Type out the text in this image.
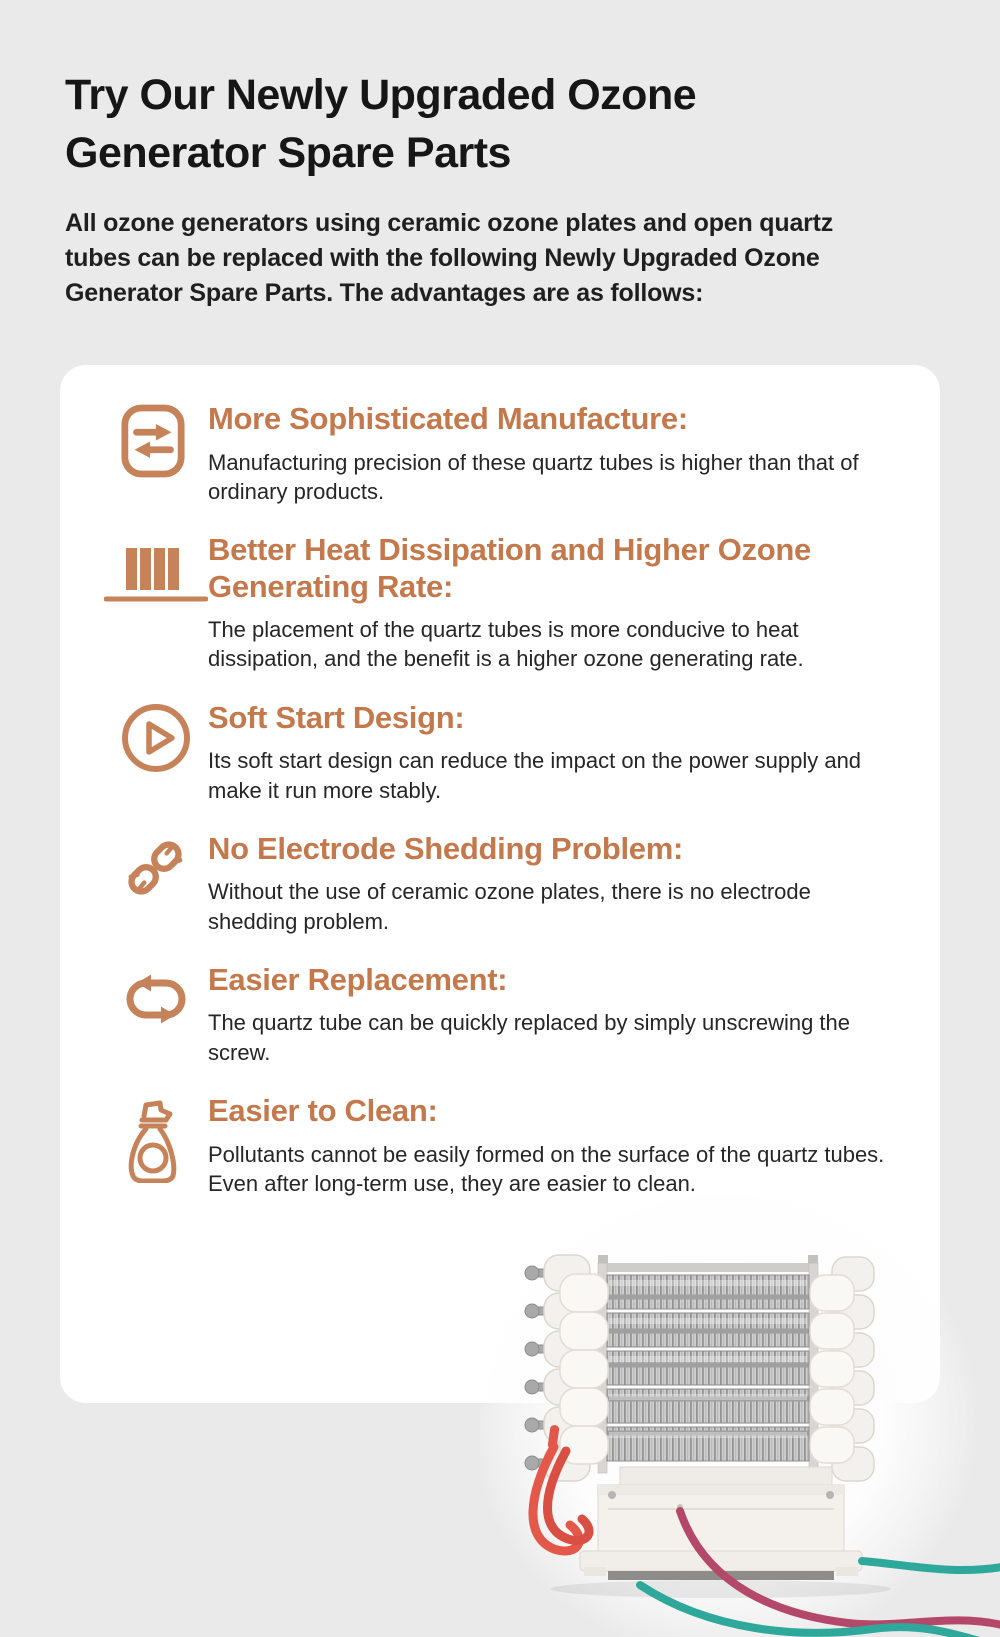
Try Our Newly Upgraded Ozone Generator Spare Parts
All ozone generators using ceramic ozone plates and open quartz tubes can be replaced with the following Newly Upgraded Ozone Generator Spare Parts. The advantages are as follows:

More Sophisticated Manufacture:

Manufacturing precision of these quartz tubes is higher than that of ordinary products.

Better Heat Dissipation and Higher Ozone Generating Rate:

The placement of the quartz tubes is more conducive to heat dissipation, and the benefit is a higher ozone generating rate.

Soft Start Design:

Its soft start design can reduce the impact on the power supply and make it run more stably.

No Electrode Shedding Problem:

Without the use of ceramic ozone plates, there is no electrode shedding problem.

Easier Replacement:

The quartz tube can be quickly replaced by simply unscrewing the screw.

Easier to Clean:

Pollutants cannot be easily formed on the surface of the quartz tubes. Even after long-term use, they are easier to clean.
